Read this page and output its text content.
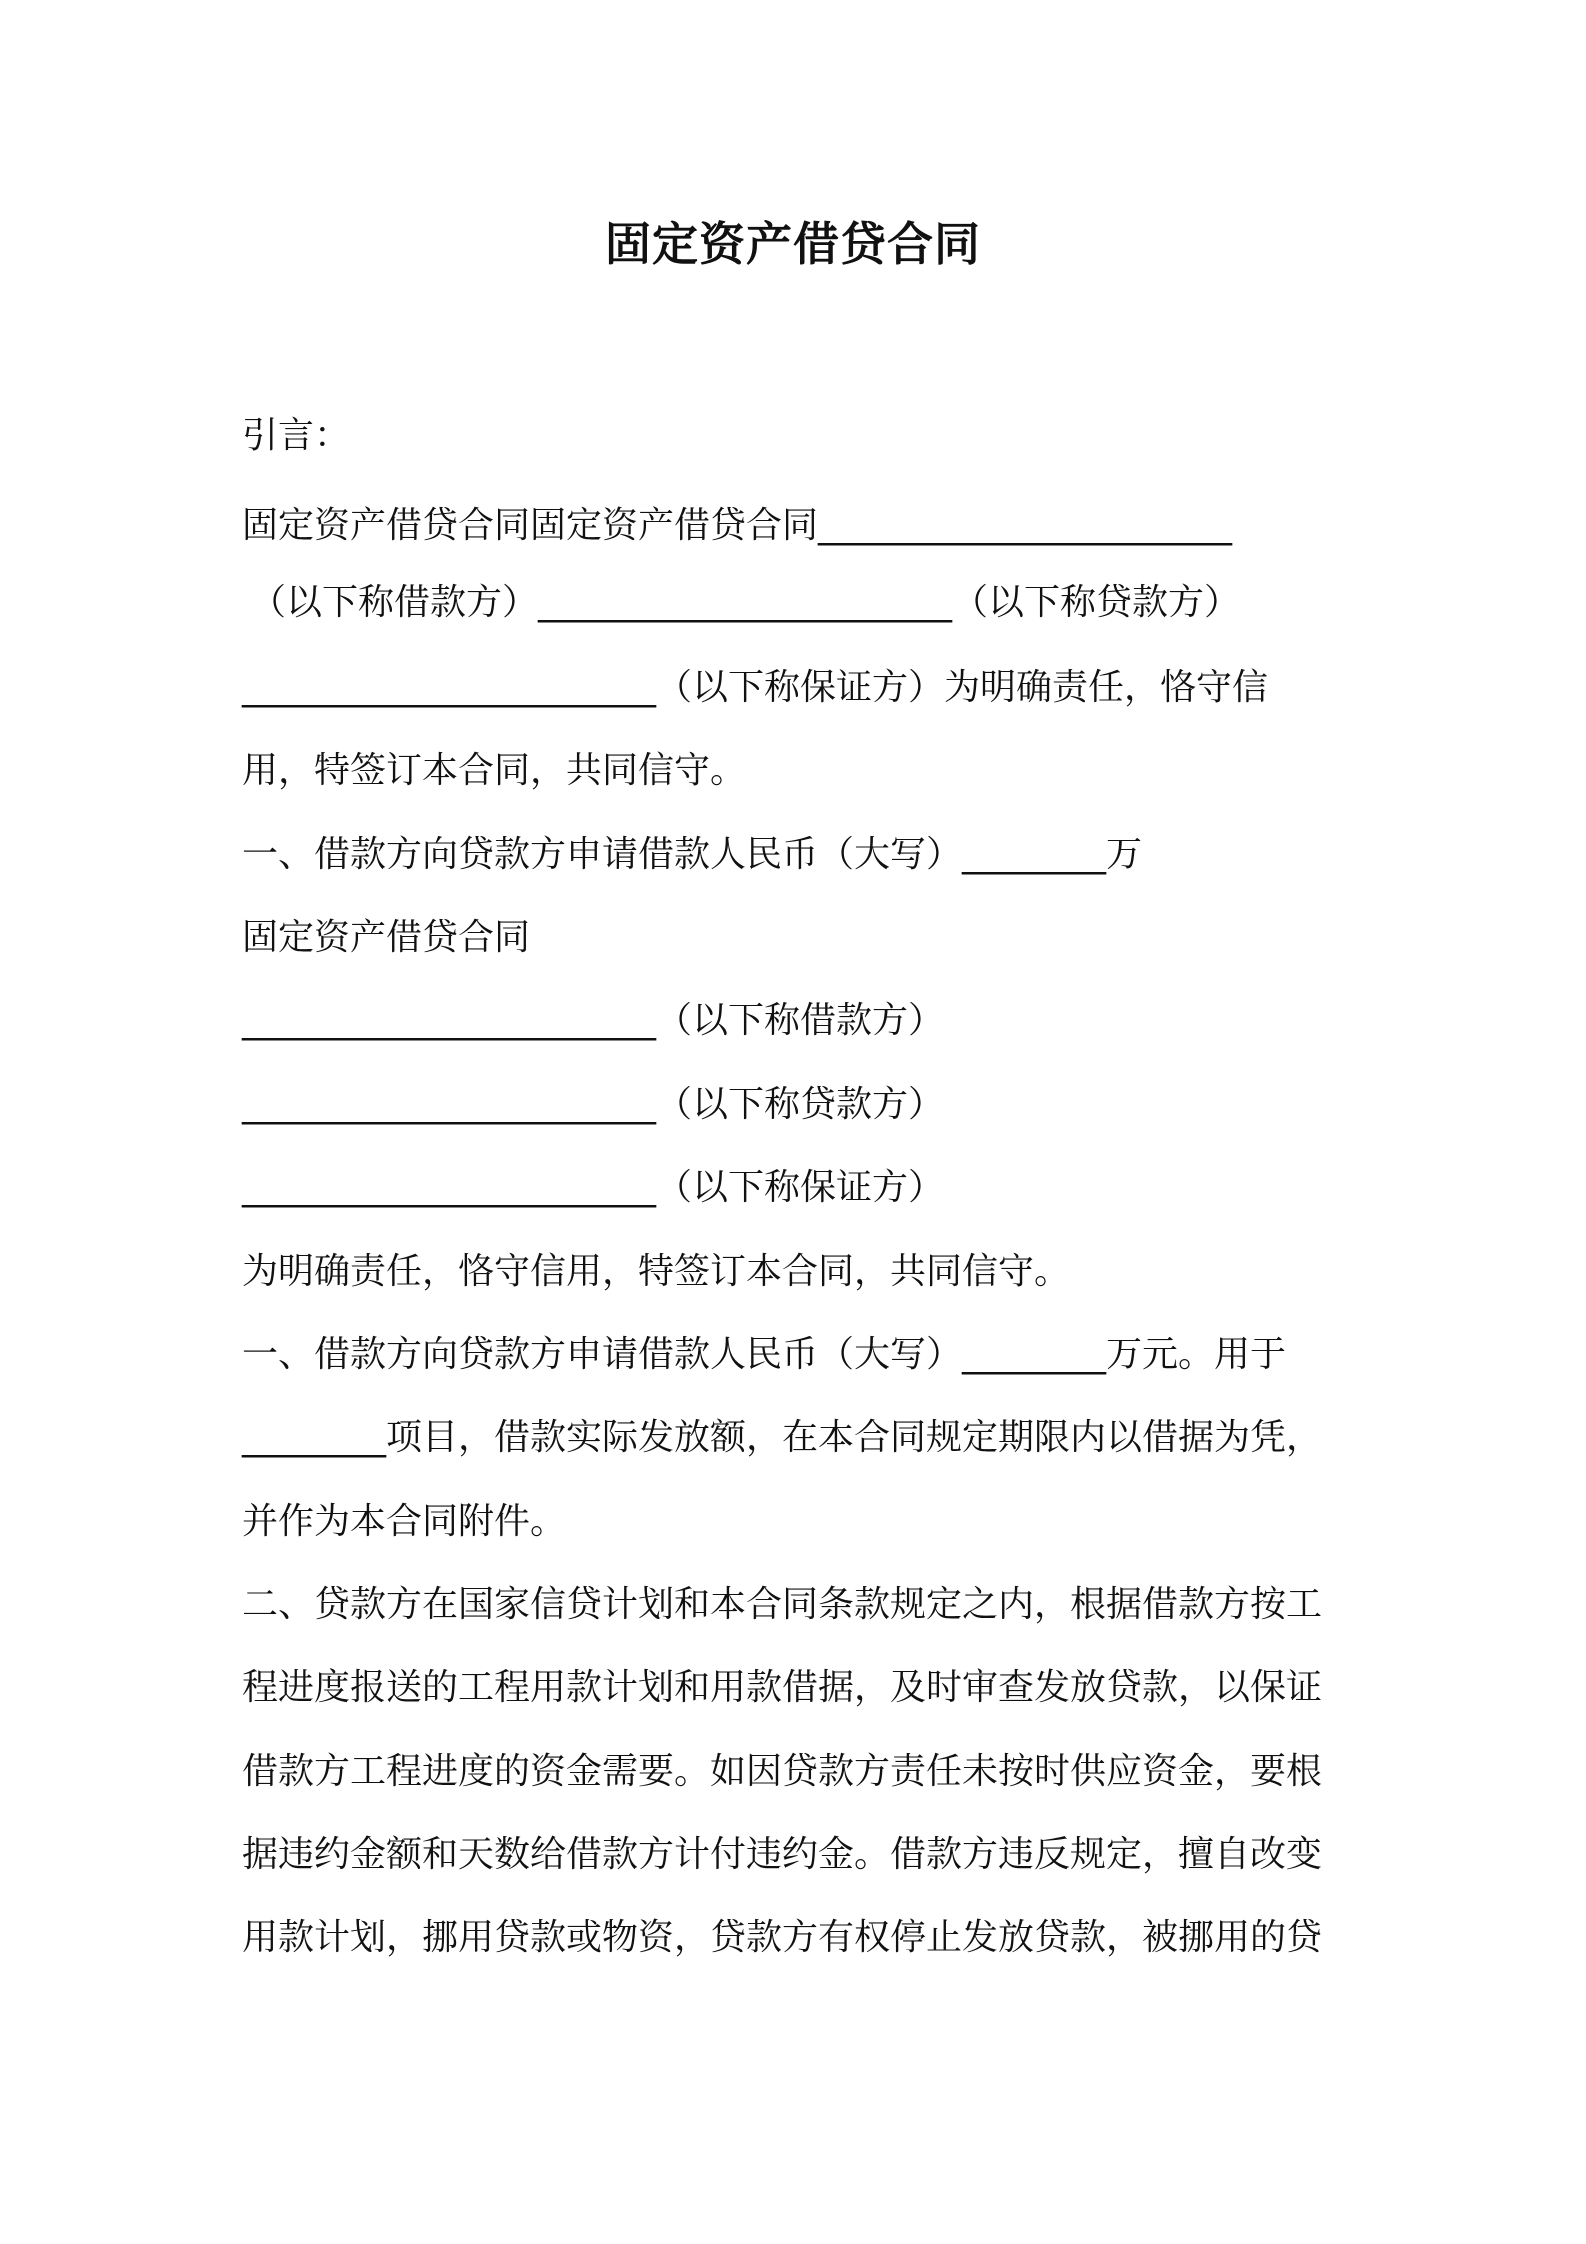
固定资产借贷合同
引言：
固定资产借贷合同固定资产借贷合同_______________________
（以下称借款方）_______________________（以下称贷款方）
_______________________（以下称保证方）为明确责任，恪守信
用，特签订本合同，共同信守。
一、借款方向贷款方申请借款人民币（大写）________万
固定资产借贷合同
_______________________（以下称借款方）
_______________________（以下称贷款方）
_______________________（以下称保证方）
为明确责任，恪守信用，特签订本合同，共同信守。
一、借款方向贷款方申请借款人民币（大写）________万元。用于
________项目，借款实际发放额，在本合同规定期限内以借据为凭，
并作为本合同附件。
二、贷款方在国家信贷计划和本合同条款规定之内，根据借款方按工
程进度报送的工程用款计划和用款借据，及时审查发放贷款，以保证
借款方工程进度的资金需要。如因贷款方责任未按时供应资金，要根
据违约金额和天数给借款方计付违约金。借款方违反规定，擅自改变
用款计划，挪用贷款或物资，贷款方有权停止发放贷款，被挪用的贷
